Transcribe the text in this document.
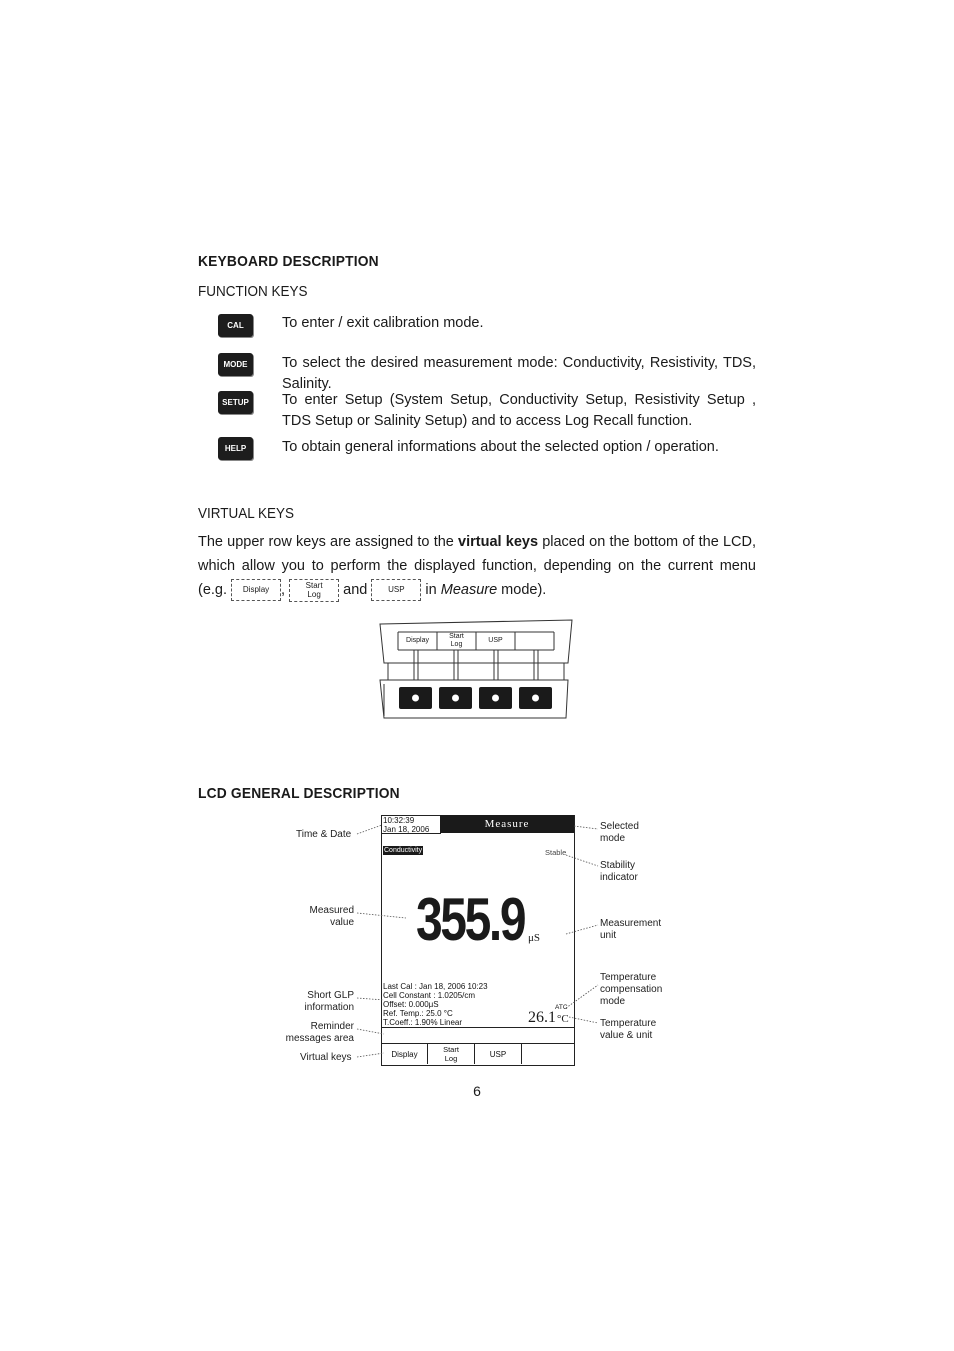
KEYBOARD DESCRIPTION
FUNCTION KEYS
CAL	To enter / exit calibration mode.
MODE To select the desired measurement mode: Conductivity, Resistivity, TDS, Salinity.
SETUP To enter Setup (System Setup, Conductivity Setup, Resistivity Setup , TDS Setup or Salinity Setup) and to access Log Recall function.
HELP To obtain general informations about the selected option / operation.
VIRTUAL KEYS
The upper row keys are assigned to the virtual keys placed on the bottom of the LCD, which allow you to perform the displayed function, depending on the current menu (e.g. Display ,	Start
Log and	USP in Measure mode).
Display
Start
Log
USP
LCD GENERAL DESCRIPTION
Measure
10:32:39
Jan 18, 2006
Conductivity	Stable
355.9 μS
Last Cal : Jan 18, 2006 10:23
Cell Constant : 1.0205/cm
Offset: 0.000μS
Ref. Temp.: 25.0 °C
T.Coeff.: 1.90% Linear
ATC
26.1 °C
Display
Start
Log	USP
Time & Date
Measured
value
Short GLP
information
Reminder
messages area
Virtual keys
Selected
mode
Stability
indicator
Measurement
unit
Temperature
compensation
mode
Temperature
value & unit
6
